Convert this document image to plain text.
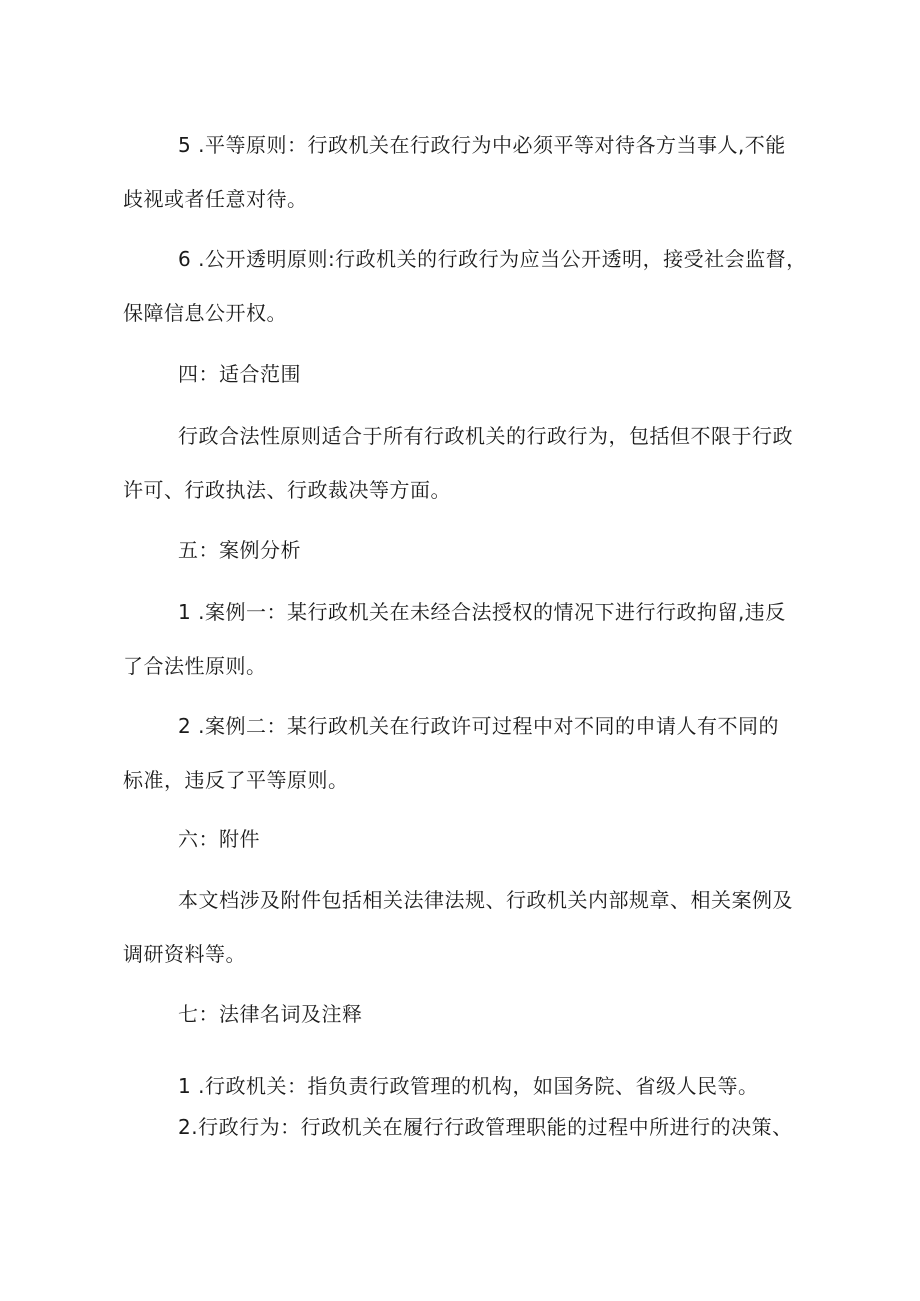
5 .平等原则：行政机关在行政行为中必须平等对待各方当事人,不能
歧视或者任意对待。
6 .公开透明原则:行政机关的行政行为应当公开透明，接受社会监督，
保障信息公开权。
四：适合范围
行政合法性原则适合于所有行政机关的行政行为，包括但不限于行政
许可、行政执法、行政裁决等方面。
五：案例分析
1 .案例一：某行政机关在未经合法授权的情况下进行行政拘留,违反
了合法性原则。
2 .案例二：某行政机关在行政许可过程中对不同的申请人有不同的
标准，违反了平等原则。
六：附件
本文档涉及附件包括相关法律法规、行政机关内部规章、相关案例及
调研资料等。
七：法律名词及注释
1 .行政机关：指负责行政管理的机构，如国务院、省级人民等。
2.行政行为：行政机关在履行行政管理职能的过程中所进行的决策、
